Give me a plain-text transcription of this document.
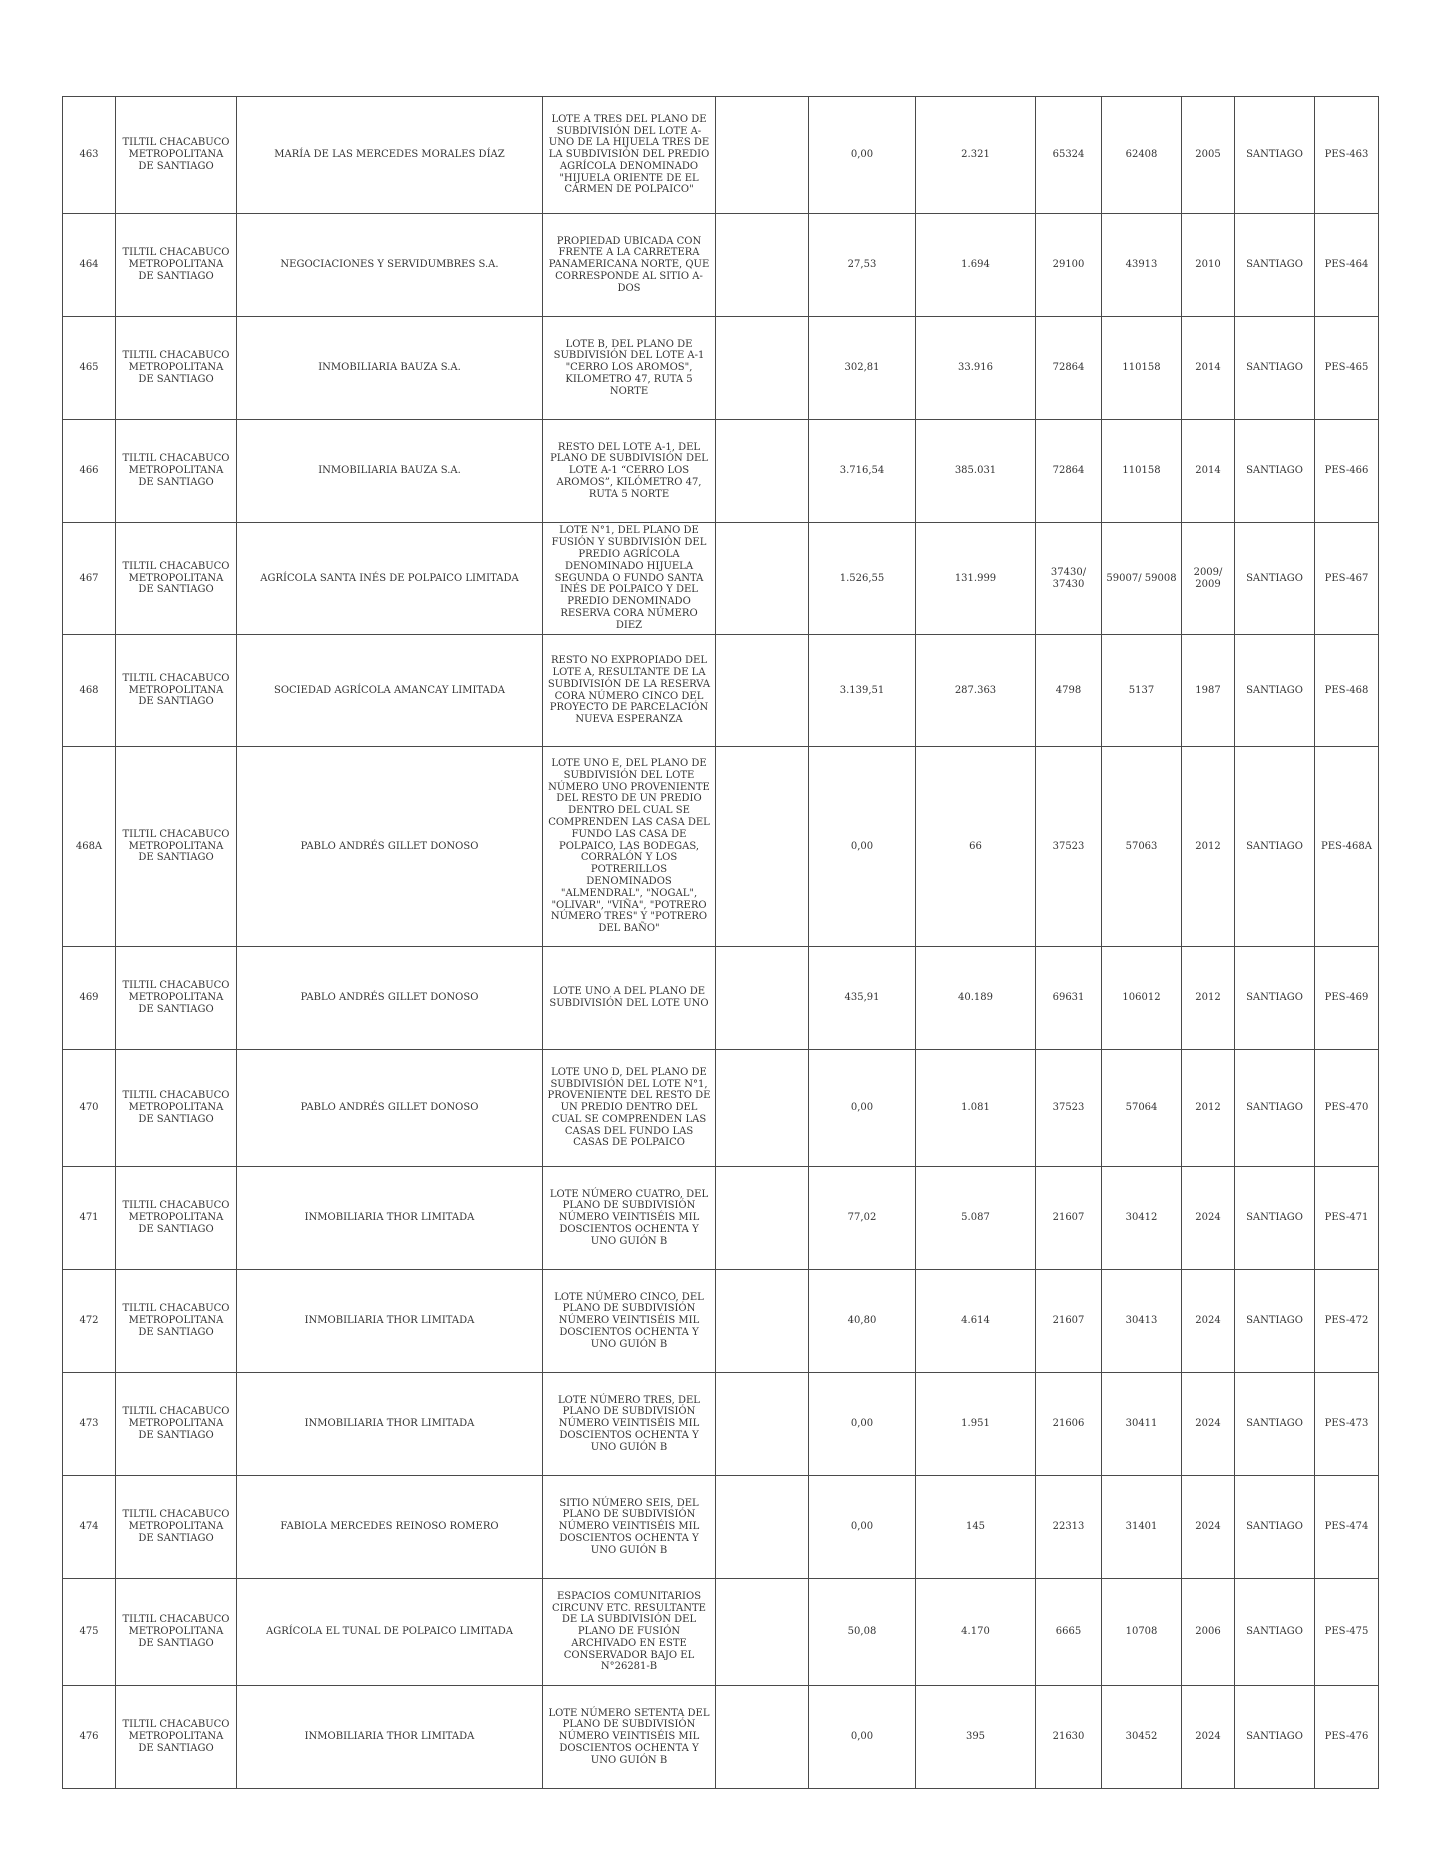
463	TILTIL CHACABUCO METROPOLITANA DE SANTIAGO	MARÍA DE LAS MERCEDES MORALES DÍAZ	LOTE A TRES DEL PLANO DE SUBDIVISIÓN DEL LOTE A-UNO DE LA HIJUELA TRES DE LA SUBDIVISIÓN DEL PREDIO AGRÍCOLA DENOMINADO "HIJUELA ORIENTE DE EL CÁRMEN DE POLPAICO"		0,00	2.321	65324	62408	2005	SANTIAGO	PES-463
464	TILTIL CHACABUCO METROPOLITANA DE SANTIAGO	NEGOCIACIONES Y SERVIDUMBRES S.A.	PROPIEDAD UBICADA CON FRENTE A LA CARRETERA PANAMERICANA NORTE, QUE CORRESPONDE AL SITIO A-DOS		27,53	1.694	29100	43913	2010	SANTIAGO	PES-464
465	TILTIL CHACABUCO METROPOLITANA DE SANTIAGO	INMOBILIARIA BAUZA S.A.	LOTE B, DEL PLANO DE SUBDIVISIÓN DEL LOTE A-1 "CERRO LOS AROMOS", KILOMETRO 47, RUTA 5 NORTE		302,81	33.916	72864	110158	2014	SANTIAGO	PES-465
466	TILTIL CHACABUCO METROPOLITANA DE SANTIAGO	INMOBILIARIA BAUZA S.A.	RESTO DEL LOTE A-1, DEL PLANO DE SUBDIVISIÓN DEL LOTE A-1 “CERRO LOS AROMOS”, KILÓMETRO 47, RUTA 5 NORTE		3.716,54	385.031	72864	110158	2014	SANTIAGO	PES-466
467	TILTIL CHACABUCO METROPOLITANA DE SANTIAGO	AGRÍCOLA SANTA INÉS DE POLPAICO LIMITADA	LOTE N°1, DEL PLANO DE FUSIÓN Y SUBDIVISIÓN DEL PREDIO AGRÍCOLA DENOMINADO HIJUELA SEGUNDA O FUNDO SANTA INÉS DE POLPAICO Y DEL PREDIO DENOMINADO RESERVA CORA NÚMERO DIEZ		1.526,55	131.999	37430/ 37430	59007/ 59008	2009/ 2009	SANTIAGO	PES-467
468	TILTIL CHACABUCO METROPOLITANA DE SANTIAGO	SOCIEDAD AGRÍCOLA AMANCAY LIMITADA	RESTO NO EXPROPIADO DEL LOTE A, RESULTANTE DE LA SUBDIVISIÓN DE LA RESERVA CORA NÚMERO CINCO DEL PROYECTO DE PARCELACIÓN NUEVA ESPERANZA		3.139,51	287.363	4798	5137	1987	SANTIAGO	PES-468
468A	TILTIL CHACABUCO METROPOLITANA DE SANTIAGO	PABLO ANDRÉS GILLET DONOSO	LOTE UNO E, DEL PLANO DE SUBDIVISIÓN DEL LOTE NÚMERO UNO PROVENIENTE DEL RESTO DE UN PREDIO DENTRO DEL CUAL SE COMPRENDEN LAS CASA DEL FUNDO LAS CASA DE POLPAICO, LAS BODEGAS, CORRALÓN Y LOS POTRERILLOS DENOMINADOS "ALMENDRAL", "NOGAL", "OLIVAR", "VIÑA", "POTRERO NÚMERO TRES" Y "POTRERO DEL BAÑO"		0,00	66	37523	57063	2012	SANTIAGO	PES-468A
469	TILTIL CHACABUCO METROPOLITANA DE SANTIAGO	PABLO ANDRÉS GILLET DONOSO	LOTE UNO A DEL PLANO DE SUBDIVISIÓN DEL LOTE UNO		435,91	40.189	69631	106012	2012	SANTIAGO	PES-469
470	TILTIL CHACABUCO METROPOLITANA DE SANTIAGO	PABLO ANDRÉS GILLET DONOSO	LOTE UNO D, DEL PLANO DE SUBDIVISIÓN DEL LOTE N°1, PROVENIENTE DEL RESTO DE UN PREDIO DENTRO DEL CUAL SE COMPRENDEN LAS CASAS DEL FUNDO LAS CASAS DE POLPAICO		0,00	1.081	37523	57064	2012	SANTIAGO	PES-470
471	TILTIL CHACABUCO METROPOLITANA DE SANTIAGO	INMOBILIARIA THOR LIMITADA	LOTE NÚMERO CUATRO, DEL PLANO DE SUBDIVISIÓN NÚMERO VEINTISÉIS MIL DOSCIENTOS OCHENTA Y UNO GUIÓN B		77,02	5.087	21607	30412	2024	SANTIAGO	PES-471
472	TILTIL CHACABUCO METROPOLITANA DE SANTIAGO	INMOBILIARIA THOR LIMITADA	LOTE NÚMERO CINCO, DEL PLANO DE SUBDIVISIÓN NÚMERO VEINTISÉIS MIL DOSCIENTOS OCHENTA Y UNO GUIÓN B		40,80	4.614	21607	30413	2024	SANTIAGO	PES-472
473	TILTIL CHACABUCO METROPOLITANA DE SANTIAGO	INMOBILIARIA THOR LIMITADA	LOTE NÚMERO TRES, DEL PLANO DE SUBDIVISIÓN NÚMERO VEINTISÉIS MIL DOSCIENTOS OCHENTA Y UNO GUIÓN B		0,00	1.951	21606	30411	2024	SANTIAGO	PES-473
474	TILTIL CHACABUCO METROPOLITANA DE SANTIAGO	FABIOLA MERCEDES REINOSO ROMERO	SITIO NÚMERO SEIS, DEL PLANO DE SUBDIVISIÓN NÚMERO VEINTISÉIS MIL DOSCIENTOS OCHENTA Y UNO GUIÓN B		0,00	145	22313	31401	2024	SANTIAGO	PES-474
475	TILTIL CHACABUCO METROPOLITANA DE SANTIAGO	AGRÍCOLA EL TUNAL DE POLPAICO LIMITADA	ESPACIOS COMUNITARIOS CIRCUNV ETC. RESULTANTE DE LA SUBDIVISIÓN DEL PLANO DE FUSIÓN ARCHIVADO EN ESTE CONSERVADOR BAJO EL N°26281-B		50,08	4.170	6665	10708	2006	SANTIAGO	PES-475
476	TILTIL CHACABUCO METROPOLITANA DE SANTIAGO	INMOBILIARIA THOR LIMITADA	LOTE NÚMERO SETENTA DEL PLANO DE SUBDIVISIÓN NÚMERO VEINTISÉIS MIL DOSCIENTOS OCHENTA Y UNO GUIÓN B		0,00	395	21630	30452	2024	SANTIAGO	PES-476
